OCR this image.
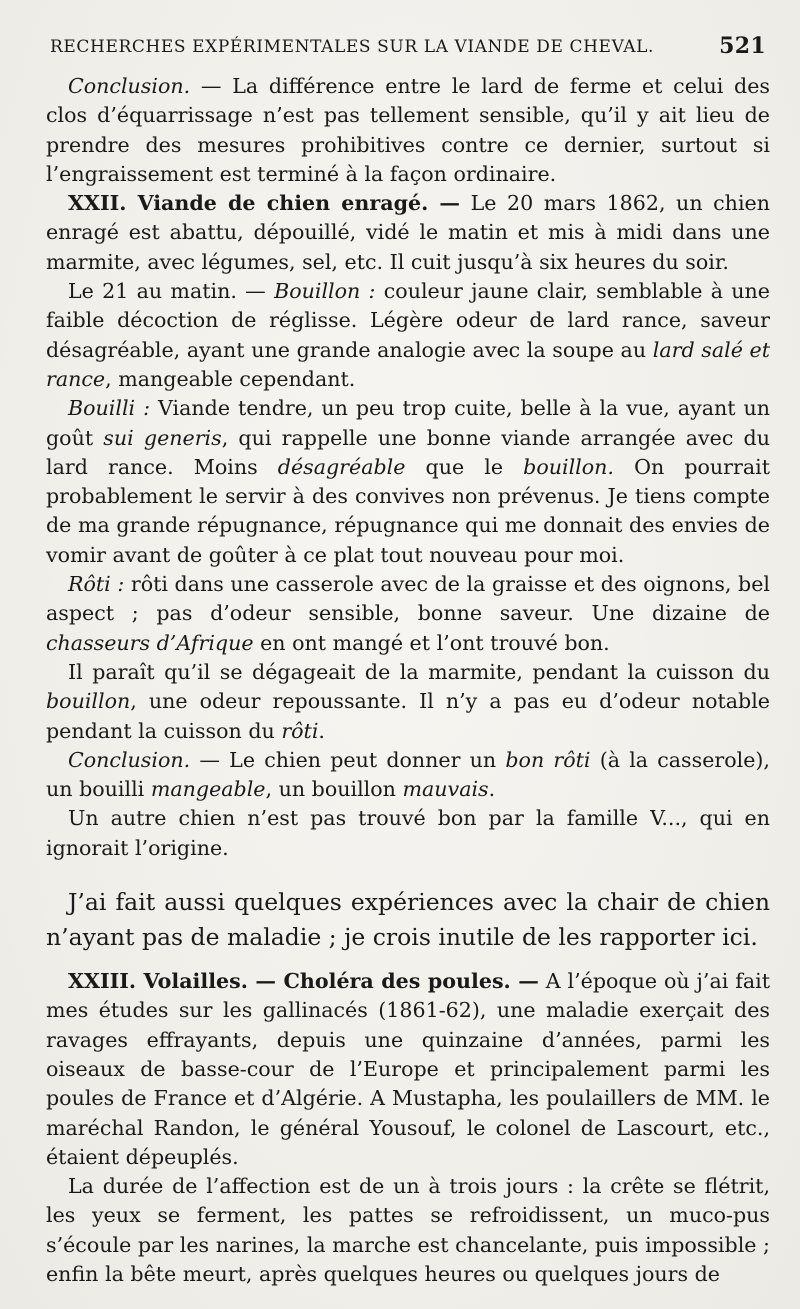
RECHERCHES EXPÉRIMENTALES SUR LA VIANDE DE CHEVAL.	521

Conclusion. — La différence entre le lard de ferme et celui des clos d’équarrissage n’est pas tellement sensible, qu’il y ait lieu de prendre des mesures prohibitives contre ce dernier, surtout si l’engraissement est terminé à la façon ordinaire.

XXII. Viande de chien enragé. — Le 20 mars 1862, un chien enragé est abattu, dépouillé, vidé le matin et mis à midi dans une marmite, avec légumes, sel, etc. Il cuit jusqu’à six heures du soir.

Le 21 au matin. — Bouillon : couleur jaune clair, semblable à une faible décoction de réglisse. Légère odeur de lard rance, saveur désagréable, ayant une grande analogie avec la soupe au lard salé et rance, mangeable cependant.

Bouilli : Viande tendre, un peu trop cuite, belle à la vue, ayant un goût sui generis, qui rappelle une bonne viande arrangée avec du lard rance. Moins désagréable que le bouillon. On pourrait probablement le servir à des convives non prévenus. Je tiens compte de ma grande répugnance, répugnance qui me donnait des envies de vomir avant de goûter à ce plat tout nouveau pour moi.

Rôti : rôti dans une casserole avec de la graisse et des oignons, bel aspect ; pas d’odeur sensible, bonne saveur. Une dizaine de chasseurs d’Afrique en ont mangé et l’ont trouvé bon.

Il paraît qu’il se dégageait de la marmite, pendant la cuisson du bouillon, une odeur repoussante. Il n’y a pas eu d’odeur notable pendant la cuisson du rôti.

Conclusion. — Le chien peut donner un bon rôti (à la casserole), un bouilli mangeable, un bouillon mauvais.

Un autre chien n’est pas trouvé bon par la famille V..., qui en ignorait l’origine.

J’ai fait aussi quelques expériences avec la chair de chien n’ayant pas de maladie ; je crois inutile de les rapporter ici.

XXIII. Volailles. — Choléra des poules. — A l’époque où j’ai fait mes études sur les gallinacés (1861-62), une maladie exerçait des ravages effrayants, depuis une quinzaine d’années, parmi les oiseaux de basse-cour de l’Europe et principalement parmi les poules de France et d’Algérie. A Mustapha, les poulaillers de MM. le maréchal Randon, le général Yousouf, le colonel de Lascourt, etc., étaient dépeuplés.

La durée de l’affection est de un à trois jours : la crête se flétrit, les yeux se ferment, les pattes se refroidissent, un muco-pus s’écoule par les narines, la marche est chancelante, puis impossible ; enfin la bête meurt, après quelques heures ou quelques jours de
